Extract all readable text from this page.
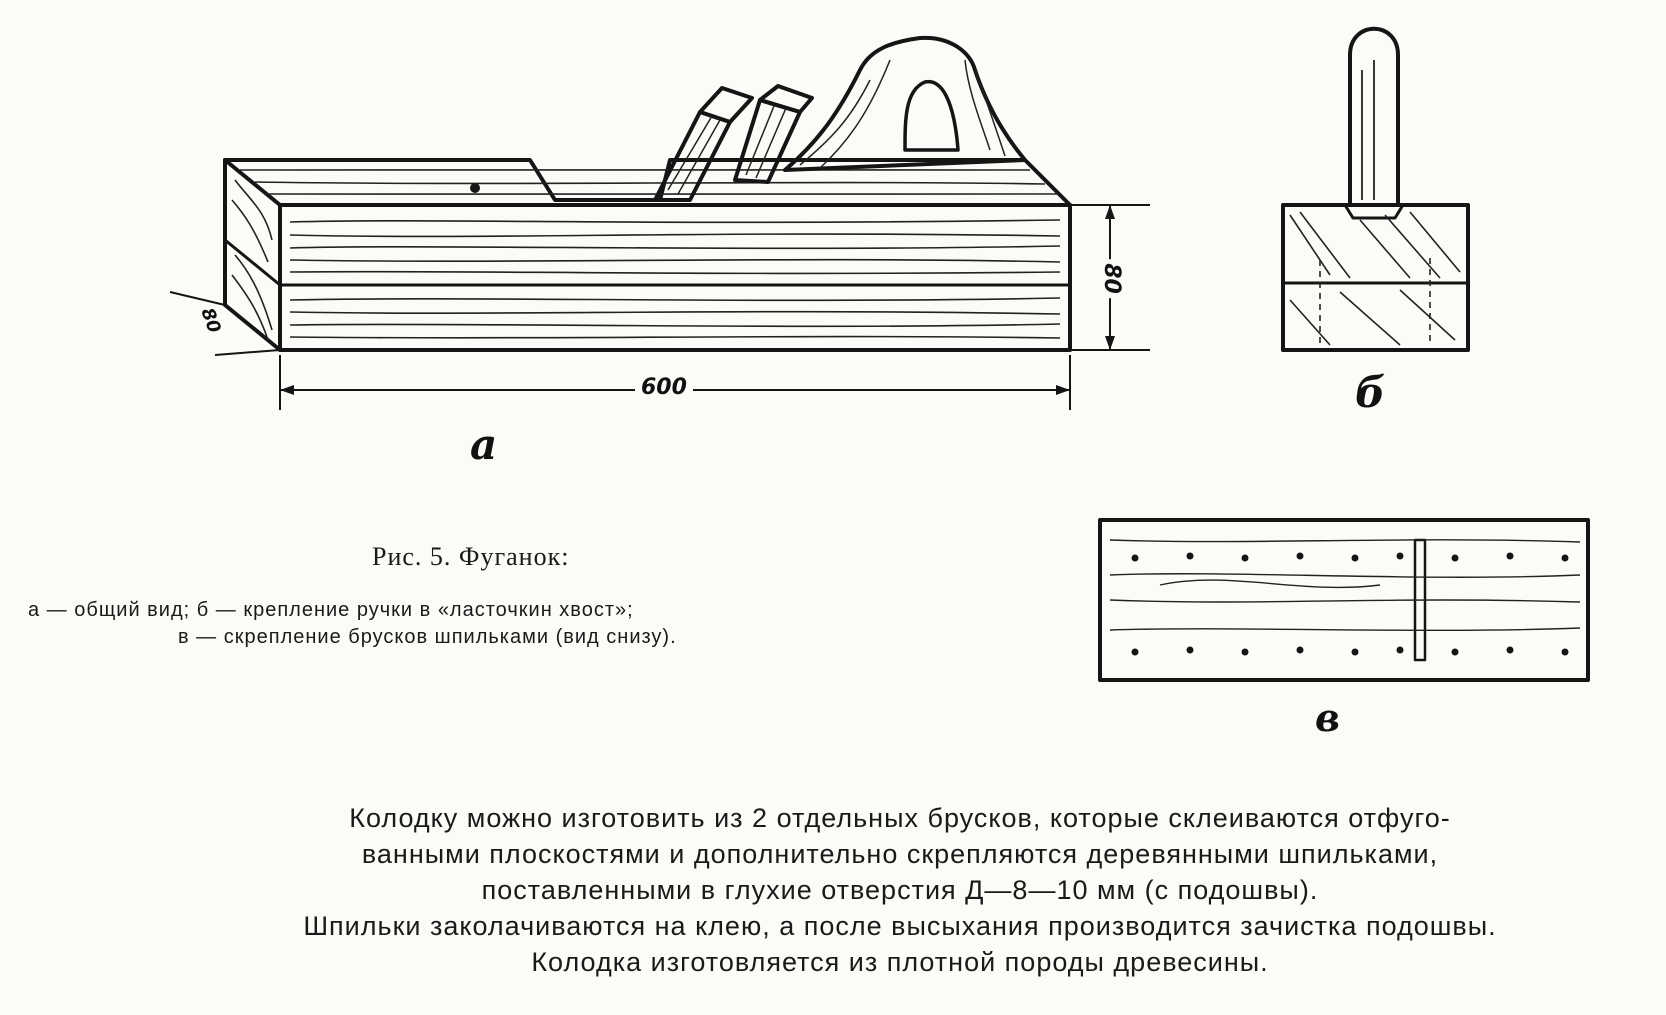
600
80
80
а
б
в
Рис. 5. Фуганок:
а — общий вид; б — крепление ручки в «ласточкин хвост»;
в — скрепление брусков шпильками (вид снизу).

Колодку можно изготовить из 2 отдельных брусков, которые склеиваются отфуго-

ванными плоскостями и дополнительно скрепляются деревянными шпильками,

поставленными в глухие отверстия Д—8—10 мм (с подошвы).

Шпильки заколачиваются на клею, а после высыхания производится зачистка подошвы.

Колодка изготовляется из плотной породы древесины.
